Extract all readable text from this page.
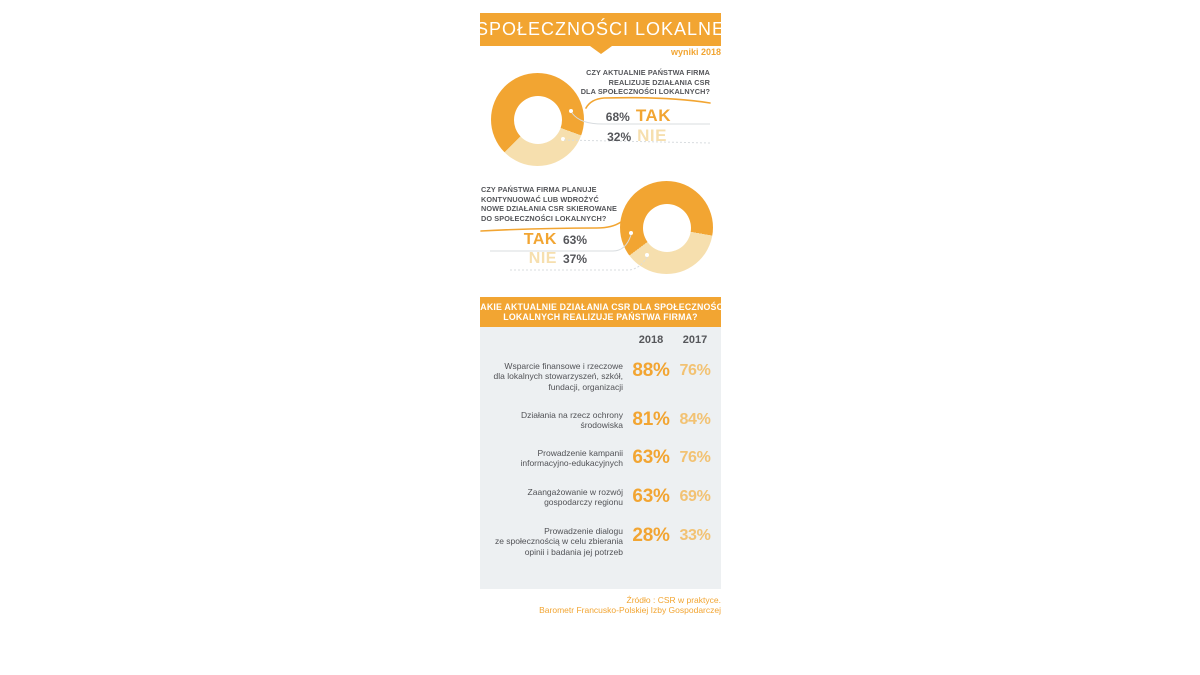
SPOŁECZNOŚCI LOKALNE
wyniki 2018
CZY AKTUALNIE PAŃSTWA FIRMA
REALIZUJE DZIAŁANIA CSR
DLA SPOŁECZNOŚCI LOKALNYCH?
68% TAK
32% NIE
CZY PAŃSTWA FIRMA PLANUJE
KONTYNUOWAĆ LUB WDROŻYĆ
NOWE DZIAŁANIA CSR SKIEROWANE
DO SPOŁECZNOŚCI LOKALNYCH?
TAK 63%
NIE 37%
JAKIE AKTUALNIE DZIAŁANIA CSR DLA SPOŁECZNOŚCI
LOKALNYCH REALIZUJE PAŃSTWA FIRMA?
2018	2017
Wsparcie finansowe i rzeczowe
dla lokalnych stowarzyszeń, szkół,
fundacji, organizacji
88% 76%
Działania na rzecz ochrony
środowiska 81% 84%
Prowadzenie kampanii
informacyjno-edukacyjnych 63% 76%
Zaangażowanie w rozwój
gospodarczy regionu 63% 69%
Prowadzenie dialogu
ze społecznością w celu zbierania
opinii i badania jej potrzeb
28% 33%
Źródło : CSR w praktyce.
Barometr Francusko-Polskiej Izby Gospodarczej
